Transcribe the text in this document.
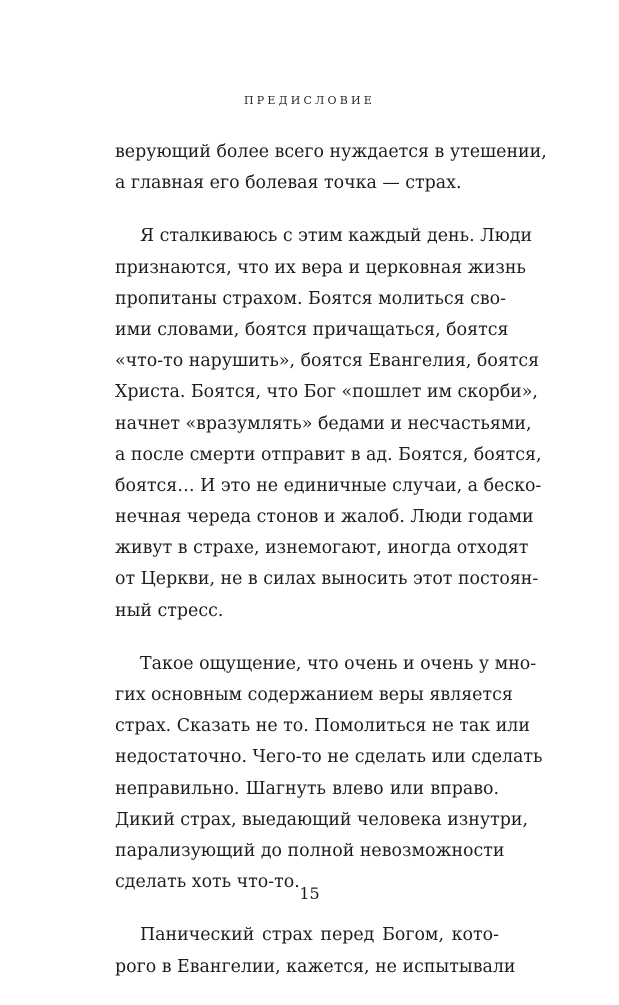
ПРЕДИСЛОВИЕ
верующий более всего нуждается в утешении,
а главная его болевая точка — страх.
Я сталкиваюсь с этим каждый день. Люди
признаются, что их вера и церковная жизнь
пропитаны страхом. Боятся молиться сво-
ими словами, боятся причащаться, боятся
«что-то нарушить», боятся Евангелия, боятся
Христа. Боятся, что Бог «пошлет им скорби»,
начнет «вразумлять» бедами и несчастьями,
а после смерти отправит в ад. Боятся, боятся,
боятся… И это не единичные случаи, а беско-
нечная череда стонов и жалоб. Люди годами
живут в страхе, изнемогают, иногда отходят
от Церкви, не в силах выносить этот постоян-
ный стресс.
Такое ощущение, что очень и очень у мно-
гих основным содержанием веры является
страх. Сказать не то. Помолиться не так или
недостаточно. Чего-то не сделать или сделать
неправильно. Шагнуть влево или вправо.
Дикий страх, выедающий человека изнутри,
парализующий до полной невозможности
сделать хоть что-то.
Панический страх перед Богом, кото-
рого в Евангелии, кажется, не испытывали
15
